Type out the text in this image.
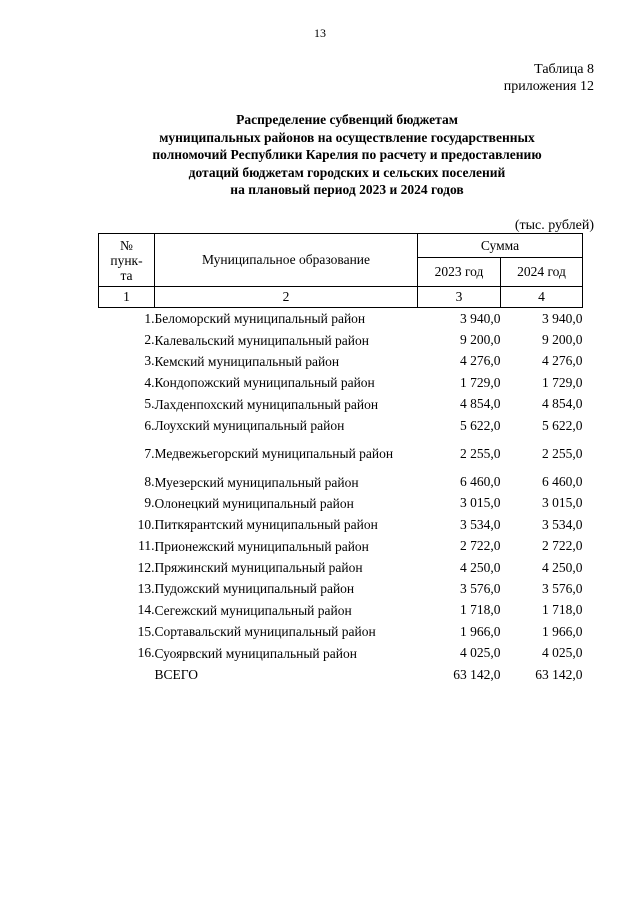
13
Таблица 8
приложения 12
Распределение субвенций бюджетам
муниципальных районов на осуществление государственных
полномочий Республики Карелия по расчету и предоставлению
дотаций бюджетам городских и сельских поселений
на плановый период 2023 и 2024 годов
(тыс. рублей)
№
пунк-
та	Муниципальное образование	Сумма	
		2023 год	2024 год
1	2	3	4
1.	Беломорский муниципальный район	3 940,0	3 940,0
2.	Калевальский муниципальный район	9 200,0	9 200,0
3.	Кемский муниципальный район	4 276,0	4 276,0
4.	Кондопожский муниципальный район	1 729,0	1 729,0
5.	Лахденпохский муниципальный район	4 854,0	4 854,0
6.	Лоухский муниципальный район	5 622,0	5 622,0
7.	Медвежьегорский муниципальный район	2 255,0	2 255,0
8.	Муезерский муниципальный район	6 460,0	6 460,0
9.	Олонецкий муниципальный район	3 015,0	3 015,0
10.	Питкярантский муниципальный район	3 534,0	3 534,0
11.	Прионежский муниципальный район	2 722,0	2 722,0
12.	Пряжинский муниципальный район	4 250,0	4 250,0
13.	Пудожский муниципальный район	3 576,0	3 576,0
14.	Сегежский муниципальный район	1 718,0	1 718,0
15.	Сортавальский муниципальный район	1 966,0	1 966,0
16.	Суоярвский муниципальный район	4 025,0	4 025,0
	ВСЕГО	63 142,0	63 142,0
